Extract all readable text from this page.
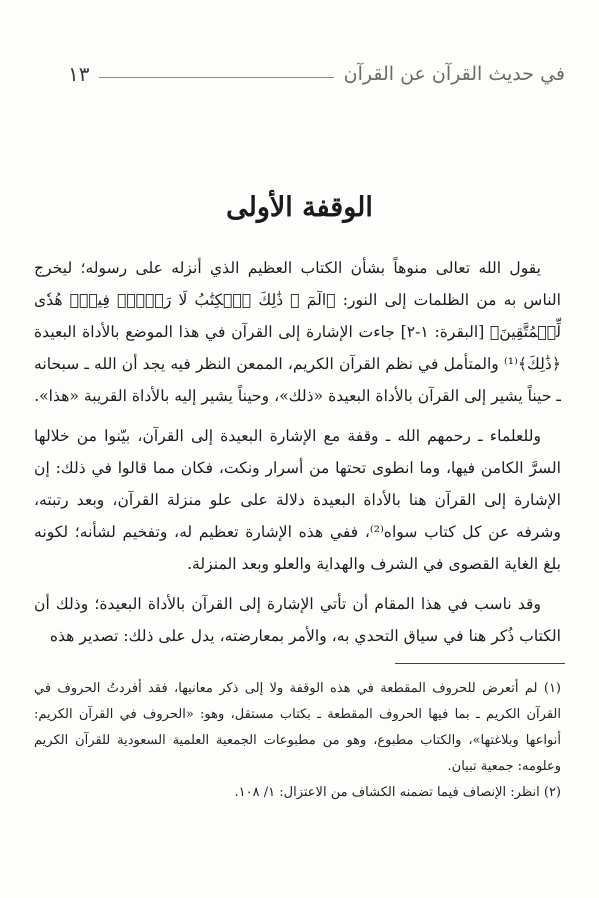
في حديث القرآن عن القرآن
١٣
الوقفة الأولى

يقول الله تعالى منوهاً بشأن الكتاب العظيم الذي أنزله على رسوله؛ ليخرج الناس به من الظلمات إلى النور: ﴿الٓمٓ ۞ ذَٰلِكَ ٱلۡكِتَٰبُ لَا رَيۡبَۛ فِيهِۛ هُدٗى لِّلۡمُتَّقِينَ﴾ [البقرة: ١-٢] جاءت الإشارة إلى القرآن في هذا الموضع بالأداة البعيدة ﴿ذَٰلِكَ﴾⁽¹⁾ والمتأمل في نظم القرآن الكريم، الممعن النظر فيه يجد أن الله ـ سبحانه ـ حيناً يشير إلى القرآن بالأداة البعيدة «ذلك»، وحيناً يشير إليه بالأداة القريبة «هذا».

وللعلماء ـ رحمهم الله ـ وقفة مع الإشارة البعيدة إلى القرآن، بيّنوا من خلالها السرَّ الكامن فيها، وما انطوى تحتها من أسرار ونكت، فكان مما قالوا في ذلك: إن الإشارة إلى القرآن هنا بالأداة البعيدة دلالة على علو منزلة القرآن، وبعد رتبته، وشرفه عن كل كتاب سواه⁽²⁾، ففي هذه الإشارة تعظيم له، وتفخيم لشأنه؛ لكونه بلغ الغاية القصوى في الشرف والهداية والعلو وبعد المنزلة.

وقد ناسب في هذا المقام أن تأتي الإشارة إلى القرآن بالأداة البعيدة؛ وذلك أن الكتاب ذُكر هنا في سياق التحدي به، والأمر بمعارضته، يدل على ذلك: تصدير هذه

(١) لم أتعرض للحروف المقطعة في هذه الوقفة ولا إلى ذكر معانيها، فقد أفردتُ الحروف في القرآن الكريم ـ بما فيها الحروف المقطعة ـ بكتاب مستقل، وهو: «الحروف في القرآن الكريم: أنواعها وبلاغتها»، والكتاب مطبوع، وهو من مطبوعات الجمعية العلمية السعودية للقرآن الكريم وعلومه: جمعية تبيان.

(٢) انظر: الإنصاف فيما تضمنه الكشاف من الاعتزال: ١/ ١٠٨.
